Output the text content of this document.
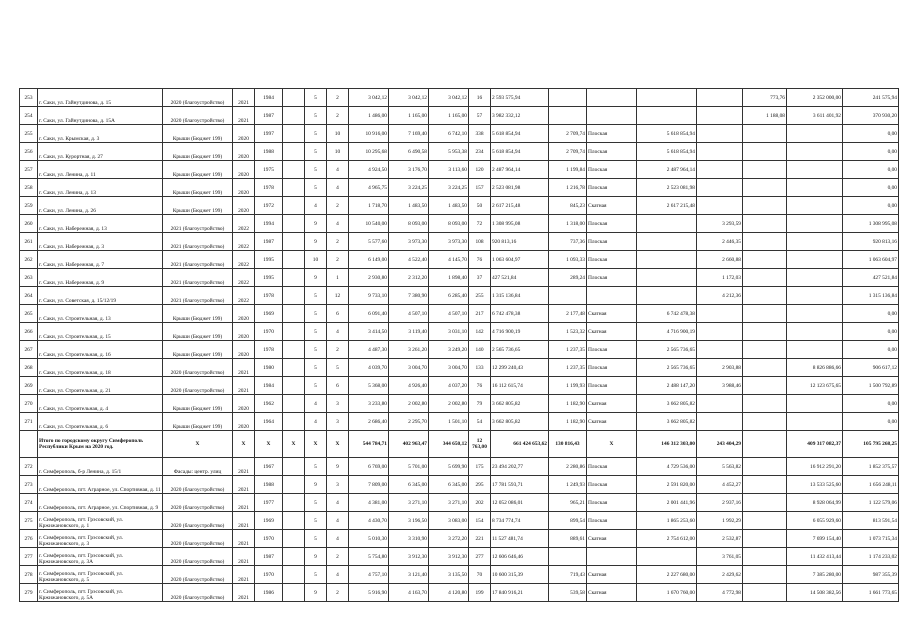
253	г. Саки, ул. Гайнутдинова, д. 15	2020 (благоустройство)	2021	1984		5	2	3 042,12	3 042,12	3 042,12	16	2 593 575,94					773,76	2 352 000,00	241 575,94
254	г. Саки, ул. Гайнутдинова, д. 15А	2020 (благоустройство)	2021	1987		5	2	1 486,00	1 165,00	1 165,00	57	3 982 332,12					1 188,08	3 611 401,92	370 930,20
255	г. Саки, ул. Крымская, д. 3	Крыши (Бюджет 199)	2020	1997		5	10	10 916,00	7 169,40	6 742,10	338	5 618 854,94	2 709,74	Плоская	5 618 854,94				0,00
256	г. Саки, ул. Курортная, д. 27	Крыши (Бюджет 199)	2020	1988		5	10	10 295,68	6 490,58	5 953,38	234	5 618 854,94	2 709,74	Плоская	5 618 854,94				0,00
257	г. Саки, ул. Ленина, д. 11	Крыши (Бюджет 199)	2020	1975		5	4	4 924,50	3 176,70	3 113,60	120	2 487 964,14	1 199,84	Плоская	2 487 964,14				0,00
258	г. Саки, ул. Ленина, д. 13	Крыши (Бюджет 199)	2020	1978		5	4	4 965,75	3 224,25	3 224,25	157	2 523 081,98	1 216,78	Плоская	2 523 081,98				0,00
259	г. Саки, ул. Ленина, д. 26	Крыши (Бюджет 199)	2020	1972		4	2	1 718,70	1 483,50	1 483,50	50	2 617 215,48	845,23	Скатная	2 617 215,48				0,00
260	г. Саки, ул. Набережная, д. 13	2021 (благоустройство)	2022	1994		9	4	10 540,00	8 093,00	8 093,00	72	1 308 995,08	1 318,00	Плоская		3 293,59			1 308 995,08
261	г. Саки, ул. Набережная, д. 3	2021 (благоустройство)	2022	1987		9	2	5 577,60	3 973,30	3 973,30	108	920 813,16	737,36	Плоская		2 446,35			920 813,16
262	г. Саки, ул. Набережная, д. 7	2021 (благоустройство)	2022	1995		10	2	6 149,00	4 522,40	4 145,70	76	1 063 604,97	1 093,33	Плоская		2 660,88			1 063 604,97
263	г. Саки, ул. Набережная, д. 9	2021 (благоустройство)	2022	1995		9	1	2 930,80	2 312,20	1 898,40	37	427 521,84	289,24	Плоская		1 172,03			427 521,84
264	г. Саки, ул. Советская, д. 15/12/19	2021 (благоустройство)	2022	1978		5	12	9 733,10	7 380,90	6 285,40	255	1 315 136,84				4 212,36			1 315 136,84
265	г. Саки, ул. Строительная, д. 13	Крыши (Бюджет 199)	2020	1969		5	6	6 091,40	4 507,10	4 507,10	217	6 742 478,38	2 177,48	Скатная	6 742 478,38				0,00
266	г. Саки, ул. Строительная, д. 15	Крыши (Бюджет 199)	2020	1970		5	4	3 414,50	3 119,40	3 031,10	142	4 716 900,19	1 523,32	Скатная	4 716 900,19				0,00
267	г. Саки, ул. Строительная, д. 16	Крыши (Бюджет 199)	2020	1978		5	2	4 487,30	3 261,20	3 249,20	140	2 565 736,65	1 237,35	Плоская	2 565 736,65				0,00
268	г. Саки, ул. Строительная, д. 18	2020 (благоустройство)	2021	1980		5	5	4 039,70	3 004,70	3 004,70	133	12 299 240,43	1 237,35	Плоская	2 565 736,65	2 903,88		8 826 886,66	906 617,12
269	г. Саки, ул. Строительная, д. 21	2020 (благоустройство)	2021	1984		5	6	5 368,00	4 926,40	4 037,20	76	16 112 615,74	1 199,93	Плоская	2 488 147,20	3 988,46		12 123 675,65	1 500 792,89
270	г. Саки, ул. Строительная, д. 4	Крыши (Бюджет 199)	2020	1962		4	3	3 233,80	2 002,80	2 002,80	79	3 662 805,82	1 182,90	Скатная	3 662 805,82				0,00
271	г. Саки, ул. Строительная, д. 6	Крыши (Бюджет 199)	2020	1964		4	3	2 686,40	2 295,70	1 501,10	54	3 662 805,82	1 182,90	Скатная	3 662 805,82				0,00
	Итого по городскому округу Симферополь Республики Крым на 2020 год.	Х	Х	Х	Х	Х	Х	544 784,71	402 963,47	344 650,12	12 763,00	661 424 653,62	130 816,43	Х	146 312 303,00	243 404,29		409 317 082,37	105 795 268,25
272	г. Симферополь, б-р Ленина, д. 15/1	Фасады: центр. улиц	2021	1967		5	9	6 769,00	5 701,00	5 699,90	175	23 494 202,77	2 280,86	Плоская	4 729 536,00	5 563,82		16 912 291,20	1 852 375,57
273	г. Симферополь, пгт. Аграрное, ул. Спортивная, д. 11	2020 (благоустройство)	2021	1988		9	3	7 809,00	6 345,00	6 345,00	295	17 781 593,71	1 249,93	Плоская	2 591 820,00	4 452,27		13 533 525,60	1 656 248,11
274	г. Симферополь, пгт. Аграрное, ул. Спортивная, д. 9	2020 (благоустройство)	2021	1977		5	4	4 381,00	3 271,10	3 271,10	202	12 052 086,01	965,21	Плоская	2 001 441,96	2 937,16		8 928 064,99	1 122 579,06
275	г. Симферополь, пгт. Грэсовский, ул. Кржижановского, д. 1	2020 (благоустройство)	2021	1969		5	4	4 430,70	3 196,50	3 083,00	154	8 734 774,74	899,54	Плоская	1 865 253,60	1 992,29		6 055 929,60	813 591,54
276	г. Симферополь, пгт. Грэсовский, ул. Кржижановского, д. 3	2020 (благоустройство)	2021	1970		5	4	5 010,30	3 310,90	3 272,20	221	11 527 481,74	889,61	Скатная	2 754 612,00	2 532,87		7 699 154,40	1 073 715,34
277	г. Симферополь, пгт. Грэсовский, ул. Кржижановского, д. 3А	2020 (благоустройство)	2021	1987		9	2	5 754,80	3 912,30	3 912,30	277	12 606 646,46				3 761,05		11 432 413,44	1 174 233,02
278	г. Симферополь, пгт. Грэсовский, ул. Кржижановского, д. 5	2020 (благоустройство)	2021	1970		5	4	4 757,10	3 121,40	3 135,50	70	10 600 315,39	719,43	Скатная	2 227 680,00	2 429,62		7 385 280,00	987 355,39
279	г. Симферополь, пгт. Грэсовский, ул. Кржижановского, д. 5А	2020 (благоустройство)	2021	1986		9	2	5 916,90	4 163,70	4 120,80	199	17 840 916,21	539,58	Скатная	1 670 760,00	4 772,98		14 508 382,56	1 661 773,65
